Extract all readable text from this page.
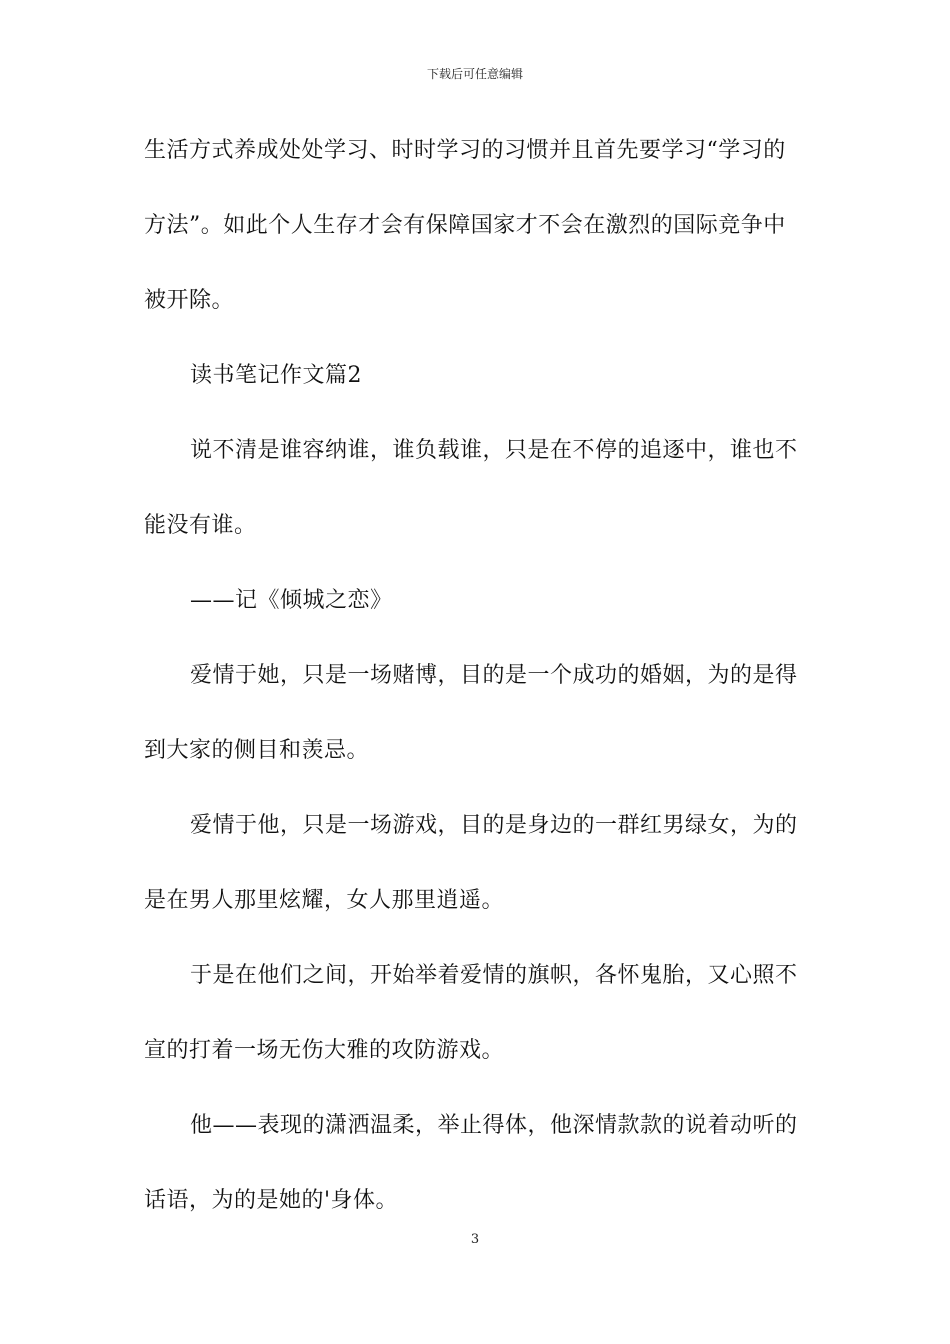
下载后可任意编辑
生活方式养成处处学习、时时学习的习惯并且首先要学习“学习的
方法”。如此个人生存才会有保障国家才不会在激烈的国际竞争中
被开除。
读书笔记作文篇2
说不清是谁容纳谁，谁负载谁，只是在不停的追逐中，谁也不
能没有谁。
——记《倾城之恋》
爱情于她，只是一场赌博，目的是一个成功的婚姻，为的是得
到大家的侧目和羡忌。
爱情于他，只是一场游戏，目的是身边的一群红男绿女，为的
是在男人那里炫耀，女人那里逍遥。
于是在他们之间，开始举着爱情的旗帜，各怀鬼胎，又心照不
宣的打着一场无伤大雅的攻防游戏。
他——表现的潇洒温柔，举止得体，他深情款款的说着动听的
话语，为的是她的'身体。
3
